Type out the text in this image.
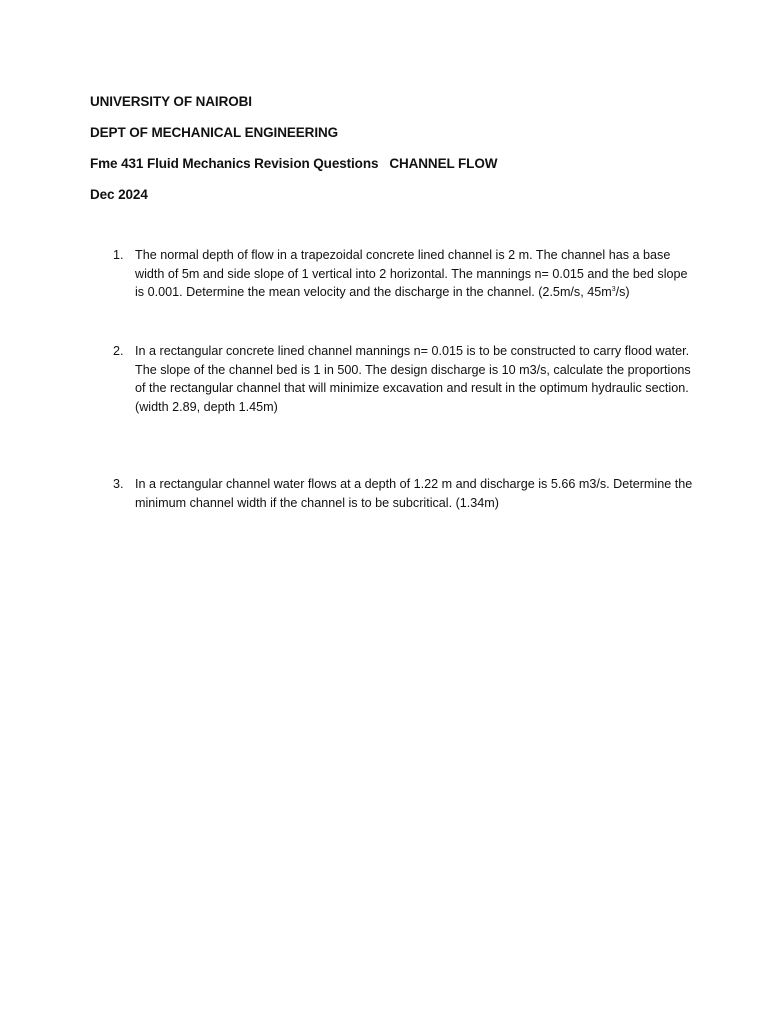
UNIVERSITY OF NAIROBI
DEPT OF MECHANICAL ENGINEERING
Fme 431 Fluid Mechanics Revision Questions   CHANNEL FLOW
Dec 2024
1. The normal depth of flow in a trapezoidal concrete lined channel is 2 m. The channel has a base width of 5m and side slope of 1 vertical into 2 horizontal. The mannings n= 0.015 and the bed slope is 0.001. Determine the mean velocity and the discharge in the channel. (2.5m/s, $45m^3/s$)
2. In a rectangular concrete lined channel mannings n= 0.015 is to be constructed to carry flood water. The slope of the channel bed is 1 in 500. The design discharge is 10 m3/s, calculate the proportions of the rectangular channel that will minimize excavation and result in the optimum hydraulic section.(width 2.89, depth 1.45m)
3. In a rectangular channel water flows at a depth of 1.22 m and discharge is 5.66 m3/s. Determine the minimum channel width if the channel is to be subcritical. (1.34m)
